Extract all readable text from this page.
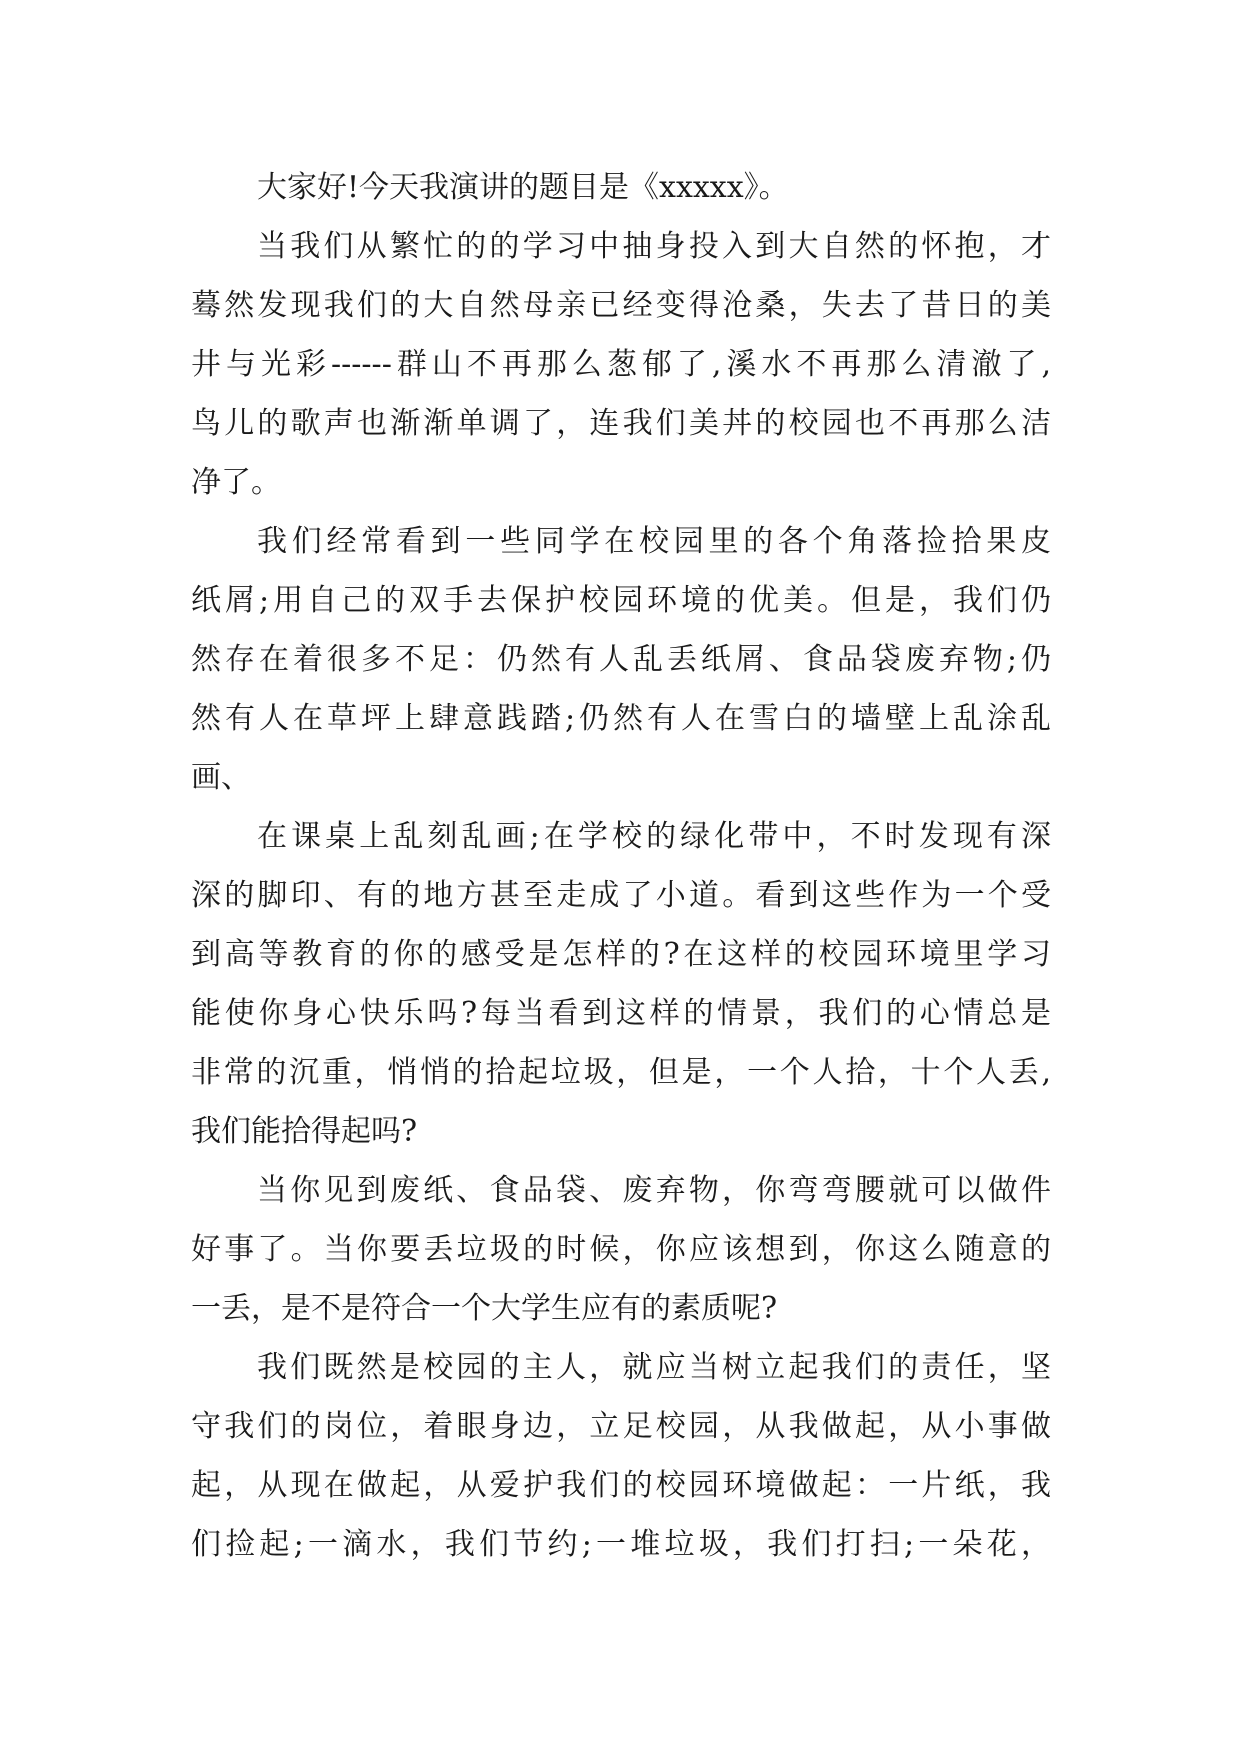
大家好!今天我演讲的题目是《xxxxx》。
当我们从繁忙的的学习中抽身投入到大自然的怀抱，才
蓦然发现我们的大自然母亲已经变得沧桑，失去了昔日的美
井与光彩------群山不再那么葱郁了,溪水不再那么清澈了,
鸟儿的歌声也渐渐单调了，连我们美丼的校园也不再那么洁
净了。
我们经常看到一些同学在校园里的各个角落捡拾果皮
纸屑;用自己的双手去保护校园环境的优美。但是，我们仍
然存在着很多不足：仍然有人乱丢纸屑、食品袋废弃物;仍
然有人在草坪上肆意践踏;仍然有人在雪白的墙壁上乱涂乱
画、
在课桌上乱刻乱画;在学校的绿化带中，不时发现有深
深的脚印、有的地方甚至走成了小道。看到这些作为一个受
到高等教育的你的感受是怎样的?在这样的校园环境里学习
能使你身心快乐吗?每当看到这样的情景，我们的心情总是
非常的沉重，悄悄的拾起垃圾，但是，一个人拾，十个人丢,
我们能拾得起吗?
当你见到废纸、食品袋、废弃物，你弯弯腰就可以做件
好事了。当你要丢垃圾的时候，你应该想到，你这么随意的
一丢，是不是符合一个大学生应有的素质呢?
我们既然是校园的主人，就应当树立起我们的责任，坚
守我们的岗位，着眼身边，立足校园，从我做起，从小事做
起，从现在做起，从爱护我们的校园环境做起：一片纸，我
们捡起;一滴水，我们节约;一堆垃圾，我们打扫;一朵花，
